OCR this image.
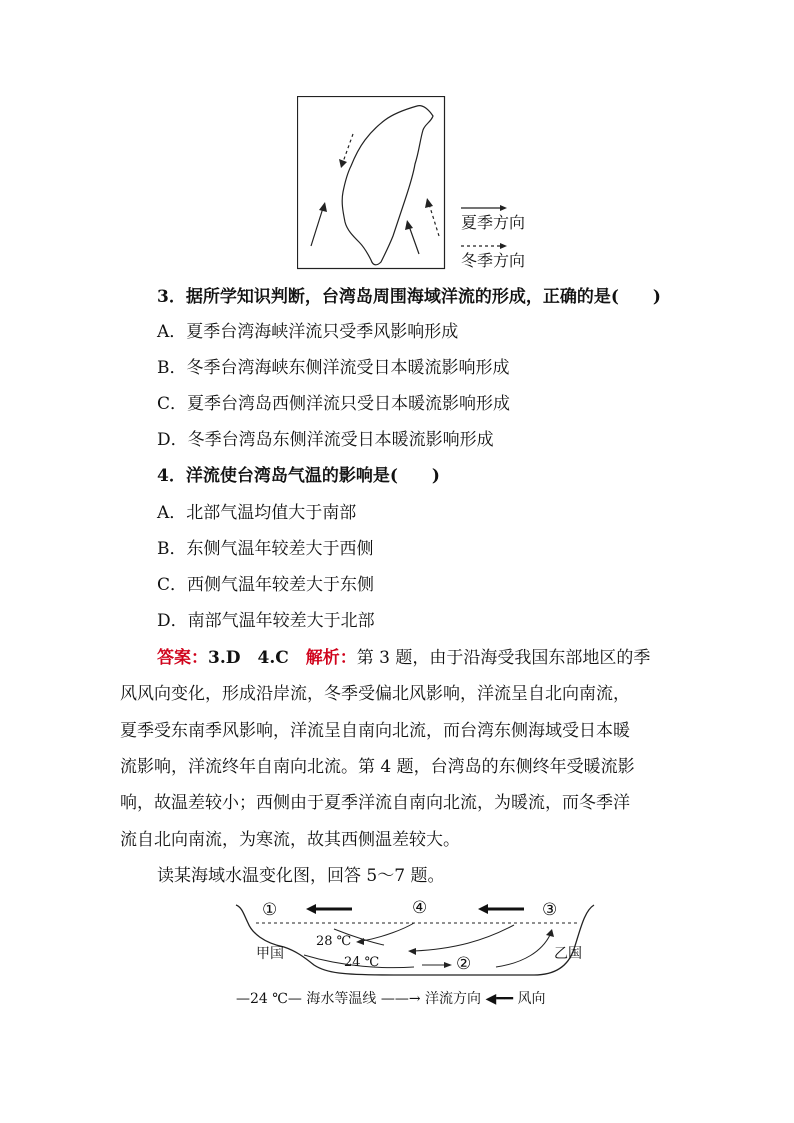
夏季方向
冬季方向
3．据所学知识判断，台湾岛周围海域洋流的形成，正确的是(　　)
A．夏季台湾海峡洋流只受季风影响形成
B．冬季台湾海峡东侧洋流受日本暖流影响形成
C．夏季台湾岛西侧洋流只受日本暖流影响形成
D．冬季台湾岛东侧洋流受日本暖流影响形成
4．洋流使台湾岛气温的影响是(　　)
A．北部气温均值大于南部
B．东侧气温年较差大于西侧
C．西侧气温年较差大于东侧
D．南部气温年较差大于北部
答案：3.D　4.C　解析：第 3 题，由于沿海受我国东部地区的季
风风向变化，形成沿岸流，冬季受偏北风影响，洋流呈自北向南流，
夏季受东南季风影响，洋流呈自南向北流，而台湾东侧海域受日本暖
流影响，洋流终年自南向北流。第 4 题，台湾岛的东侧终年受暖流影
响，故温差较小；西侧由于夏季洋流自南向北流，为暖流，而冬季洋
流自北向南流，为寒流，故其西侧温差较大。
读某海域水温变化图，回答 5～7 题。
①	④	③
②
甲国	乙国
28 ℃
24 ℃
—24 ℃— 海水等温线 ——→ 洋流方向 ◀━━ 风向
